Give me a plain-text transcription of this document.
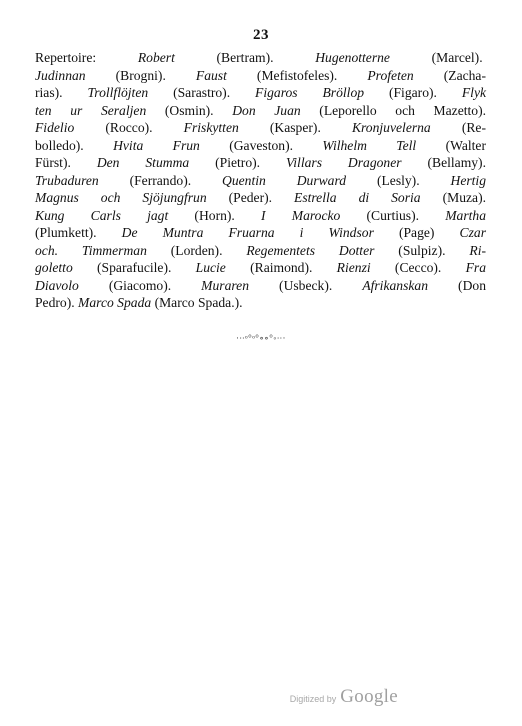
23
Repertoire: Robert (Bertram). Hugenotterne (Marcel).
Judinnan (Brogni). Faust (Mefistofeles). Profeten (Zacha-
rias). Trollflöjten (Sarastro). Figaros Bröllop (Figaro). Flyk
ten ur Seraljen (Osmin). Don Juan (Leporello och Mazetto).
Fidelio (Rocco). Friskytten (Kasper). Kronjuvelerna (Re-
bolledo). Hvita Frun (Gaveston). Wilhelm Tell (Walter
Fürst). Den Stumma (Pietro). Villars Dragoner (Bellamy).
Trubaduren (Ferrando). Quentin Durward (Lesly). Hertig
Magnus och Sjöjungfrun (Peder). Estrella di Soria (Muza).
Kung Carls jagt (Horn). I Marocko (Curtius). Martha
(Plumkett). De Muntra Fruarna i Windsor (Page) Czar
och. Timmerman (Lorden). Regementets Dotter (Sulpiz). Ri-
goletto (Sparafucile). Lucie (Raimond). Rienzi (Cecco). Fra
Diavolo (Giacomo). Muraren (Usbeck). Afrikanskan (Don
Pedro). Marco Spada (Marco Spada.).
·∙∙ᵒ°ᵒ°∘∘°◦∙∙·
Digitized by Google
